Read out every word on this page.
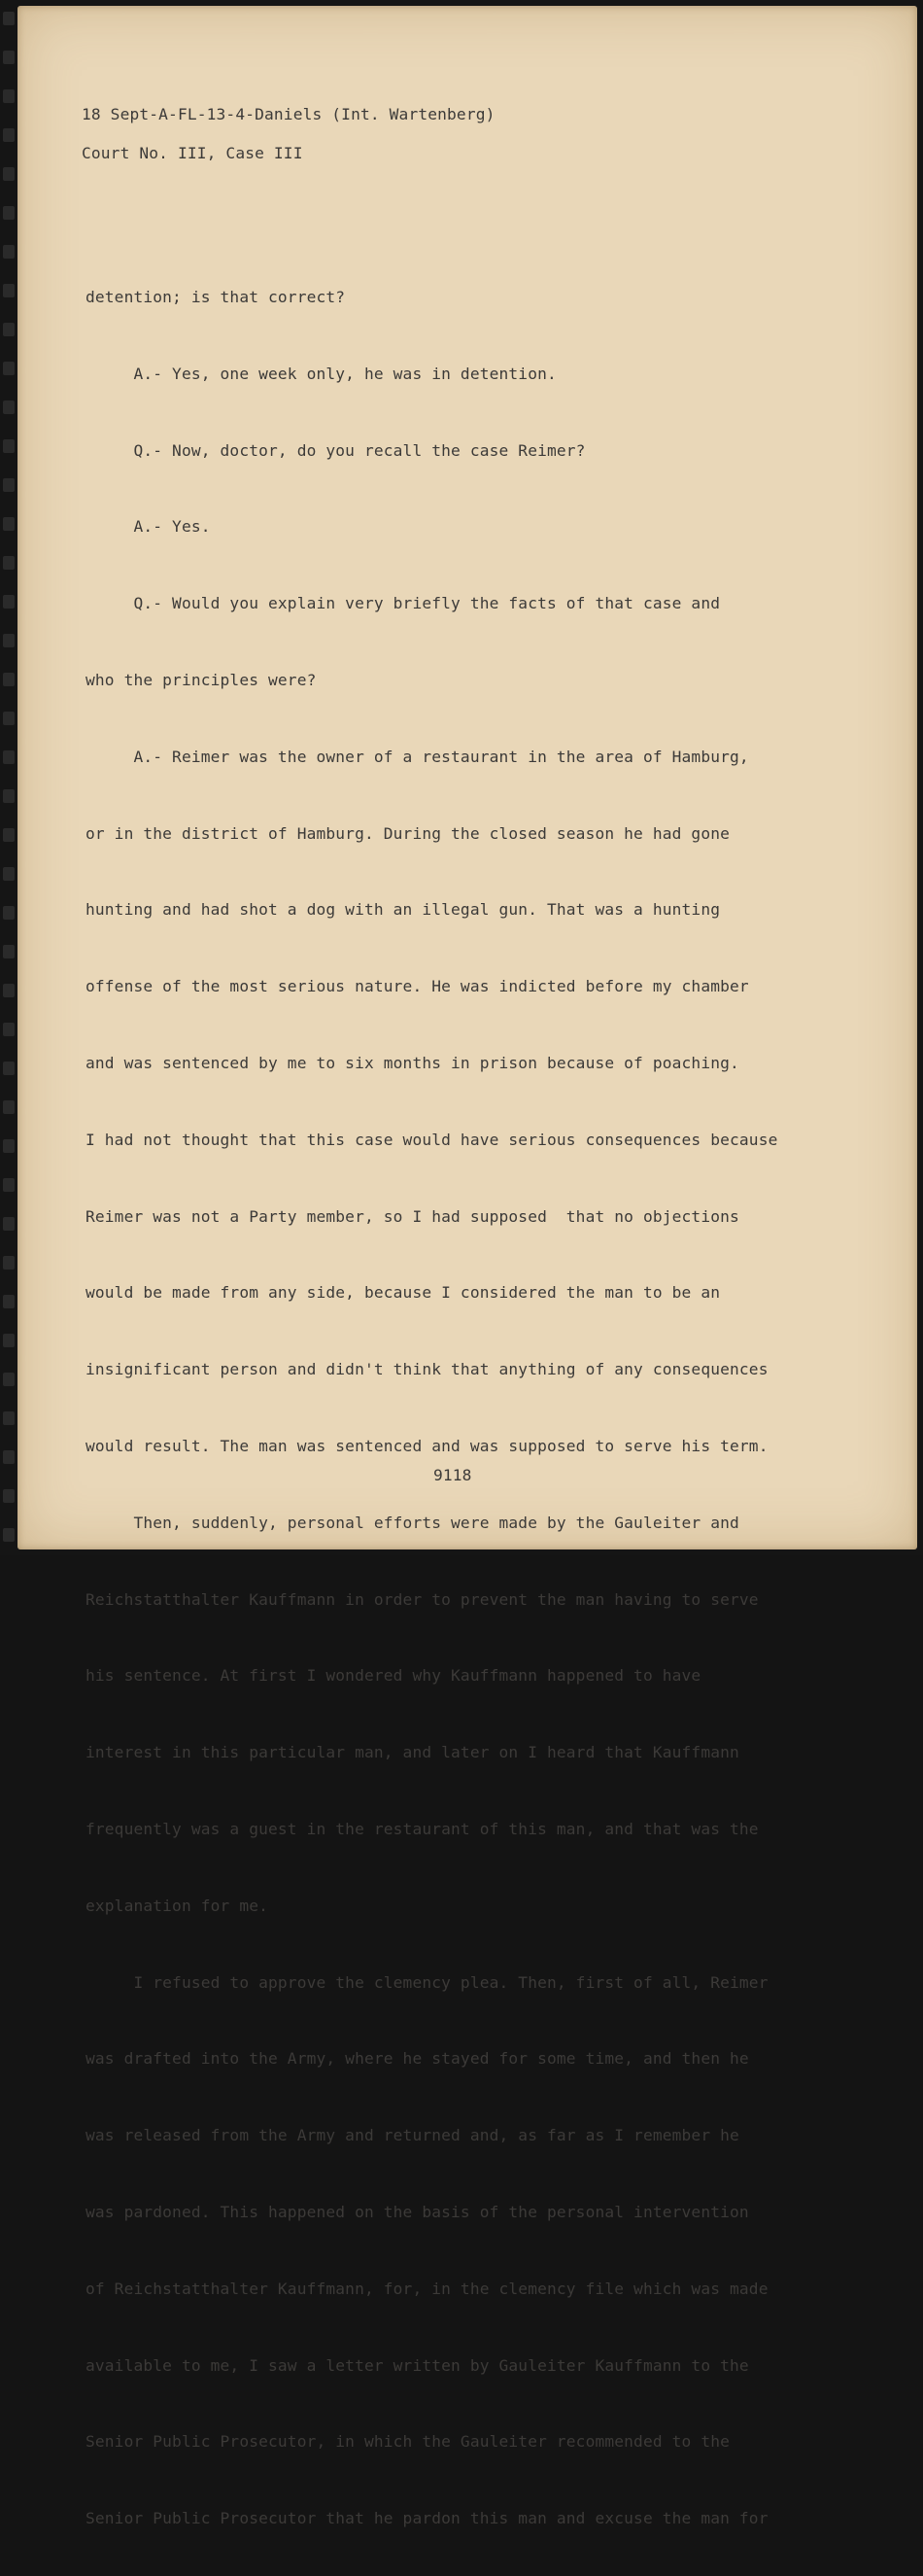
18 Sept-A-FL-13-4-Daniels (Int. Wartenberg)
Court No. III, Case III

detention; is that correct?

A.- Yes, one week only, he was in detention.

Q.- Now, doctor, do you recall the case Reimer?

A.- Yes.

Q.- Would you explain very briefly the facts of that case and

who the principles were?

A.- Reimer was the owner of a restaurant in the area of Hamburg,

or in the district of Hamburg. During the closed season he had gone

hunting and had shot a dog with an illegal gun. That was a hunting

offense of the most serious nature. He was indicted before my chamber

and was sentenced by me to six months in prison because of poaching.

I had not thought that this case would have serious consequences because

Reimer was not a Party member, so I had supposed  that no objections

would be made from any side, because I considered the man to be an

insignificant person and didn't think that anything of any consequences

would result. The man was sentenced and was supposed to serve his term.

Then, suddenly, personal efforts were made by the Gauleiter and

Reichstatthalter Kauffmann in order to prevent the man having to serve

his sentence. At first I wondered why Kauffmann happened to have

interest in this particular man, and later on I heard that Kauffmann

frequently was a guest in the restaurant of this man, and that was the

explanation for me.

I refused to approve the clemency plea. Then, first of all, Reimer

was drafted into the Army, where he stayed for some time, and then he

was released from the Army and returned and, as far as I remember he

was pardoned. This happened on the basis of the personal intervention

of Reichstatthalter Kauffmann, for, in the clemency file which was made

available to me, I saw a letter written by Gauleiter Kauffmann to the

Senior Public Prosecutor, in which the Gauleiter recommended to the

Senior Public Prosecutor that he pardon this man and excuse the man for

9118
